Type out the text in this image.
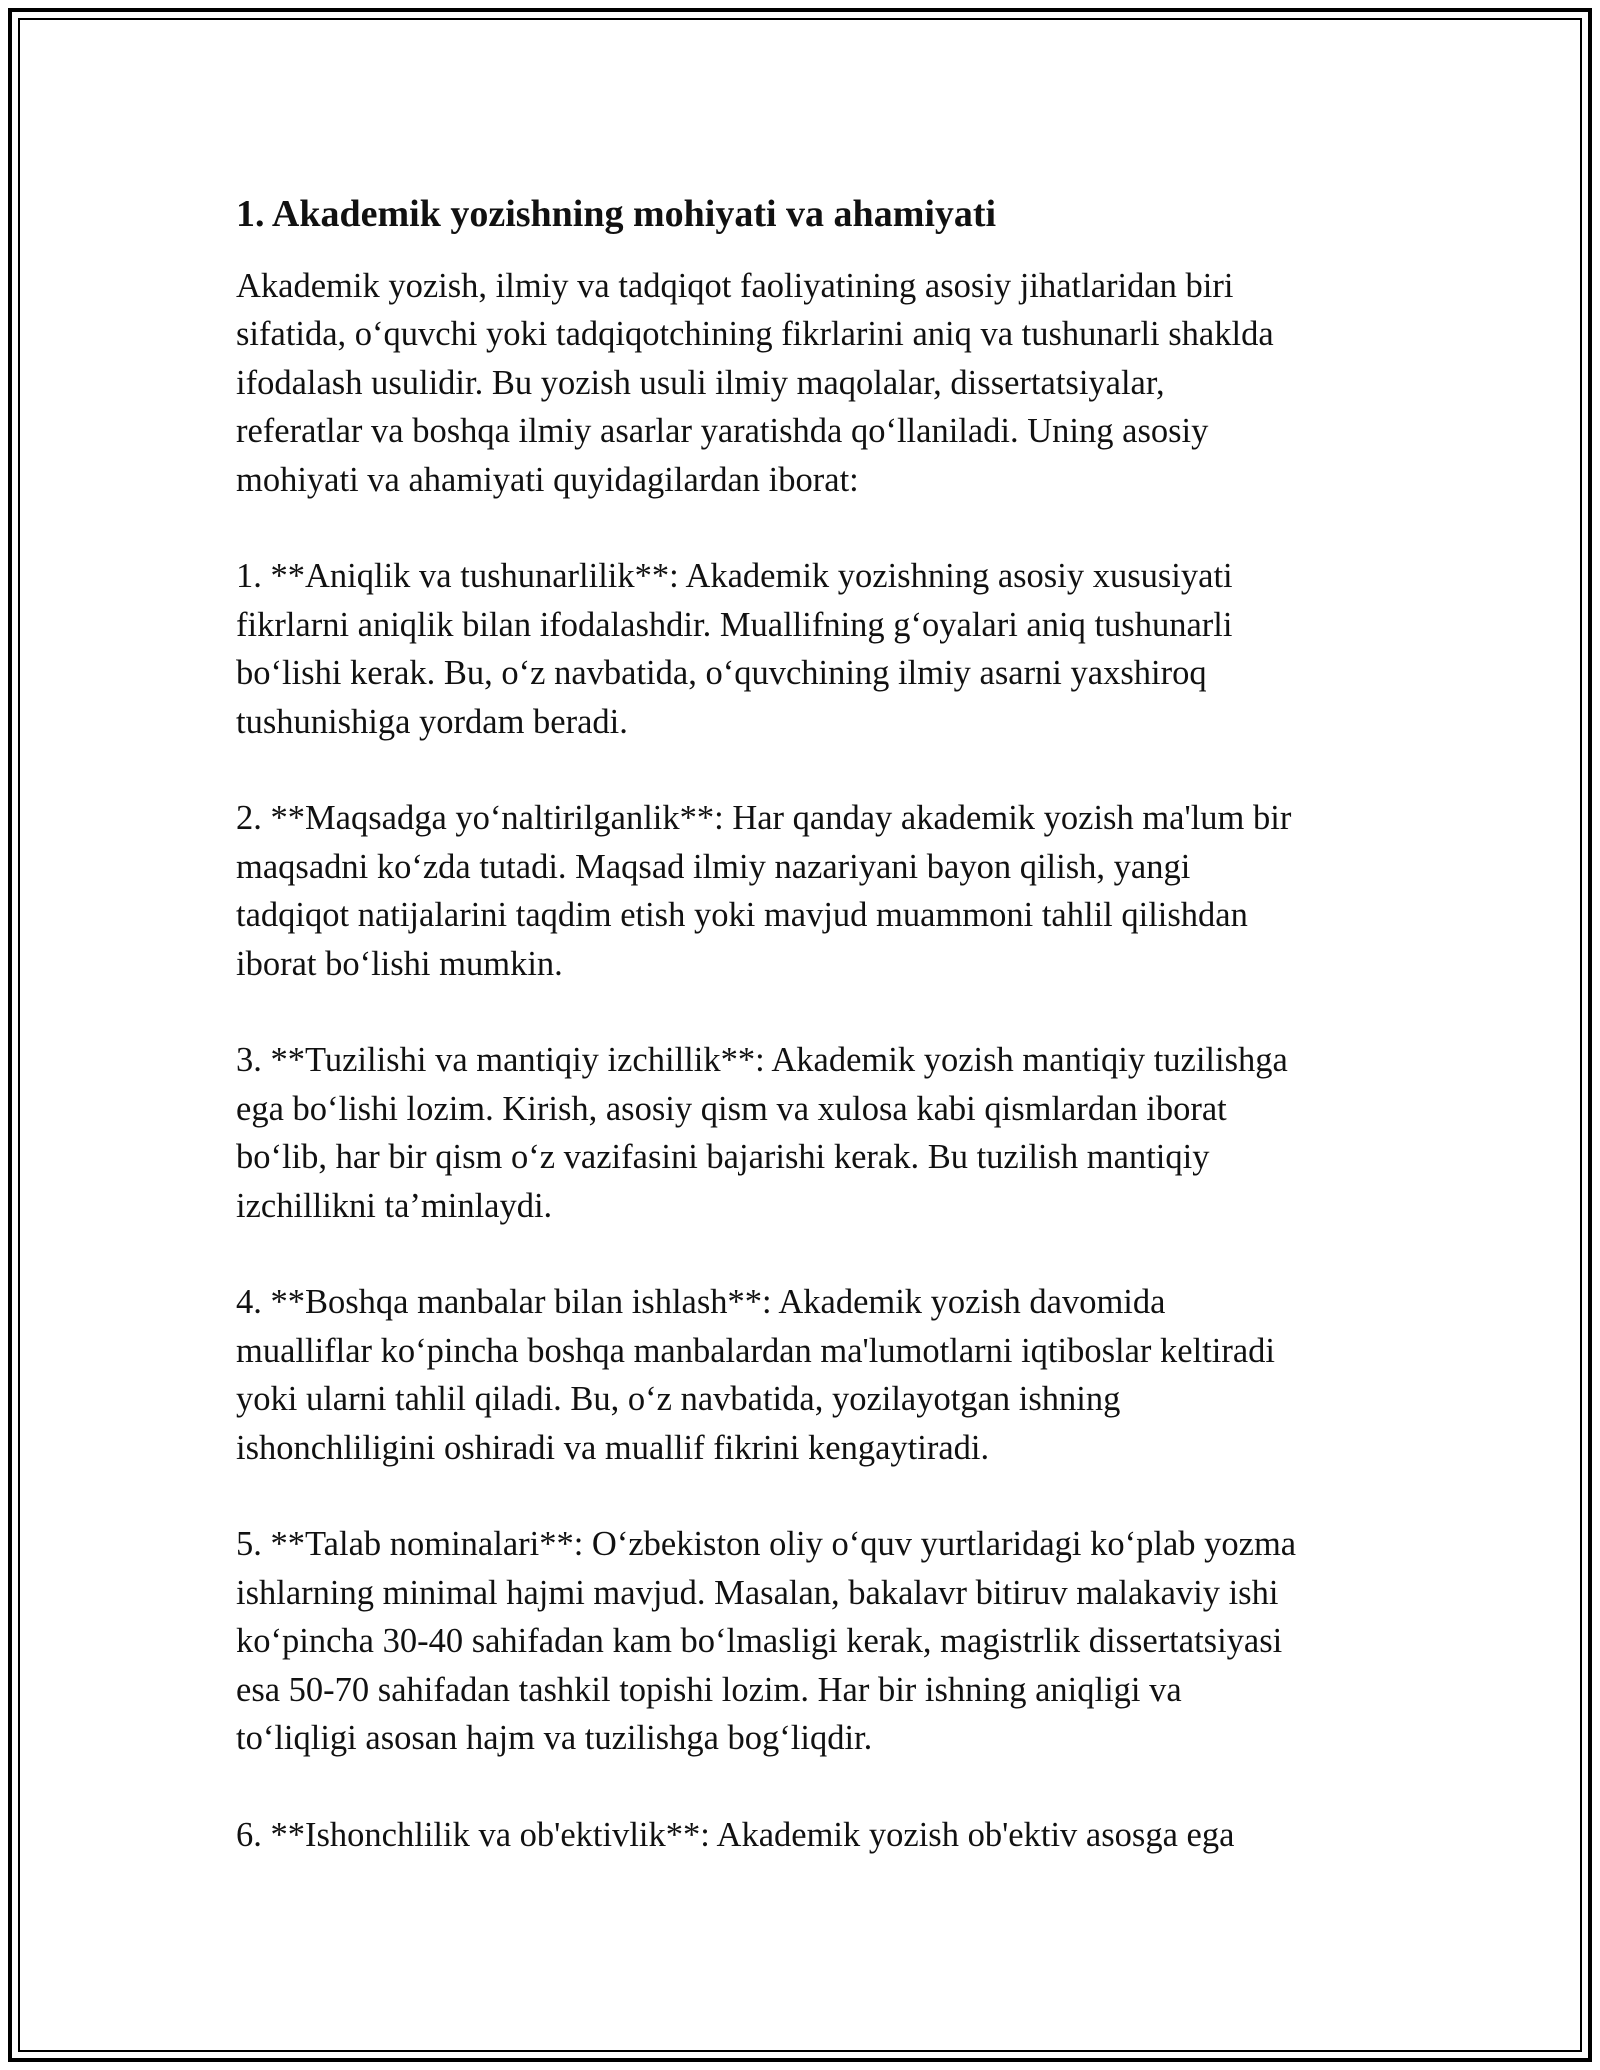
1. Akademik yozishning mohiyati va ahamiyati

Akademik yozish, ilmiy va tadqiqot faoliyatining asosiy jihatlaridan biri
sifatida, o‘quvchi yoki tadqiqotchining fikrlarini aniq va tushunarli shaklda
ifodalash usulidir. Bu yozish usuli ilmiy maqolalar, dissertatsiyalar,
referatlar va boshqa ilmiy asarlar yaratishda qo‘llaniladi. Uning asosiy
mohiyati va ahamiyati quyidagilardan iborat:

1. **Aniqlik va tushunarlilik**: Akademik yozishning asosiy xususiyati
fikrlarni aniqlik bilan ifodalashdir. Muallifning g‘oyalari aniq tushunarli
bo‘lishi kerak. Bu, o‘z navbatida, o‘quvchining ilmiy asarni yaxshiroq
tushunishiga yordam beradi.

2. **Maqsadga yo‘naltirilganlik**: Har qanday akademik yozish ma'lum bir
maqsadni ko‘zda tutadi. Maqsad ilmiy nazariyani bayon qilish, yangi
tadqiqot natijalarini taqdim etish yoki mavjud muammoni tahlil qilishdan
iborat bo‘lishi mumkin.

3. **Tuzilishi va mantiqiy izchillik**: Akademik yozish mantiqiy tuzilishga
ega bo‘lishi lozim. Kirish, asosiy qism va xulosa kabi qismlardan iborat
bo‘lib, har bir qism o‘z vazifasini bajarishi kerak. Bu tuzilish mantiqiy
izchillikni ta’minlaydi.

4. **Boshqa manbalar bilan ishlash**: Akademik yozish davomida
mualliflar ko‘pincha boshqa manbalardan ma'lumotlarni iqtiboslar keltiradi
yoki ularni tahlil qiladi. Bu, o‘z navbatida, yozilayotgan ishning
ishonchliligini oshiradi va muallif fikrini kengaytiradi.

5. **Talab nominalari**: O‘zbekiston oliy o‘quv yurtlaridagi ko‘plab yozma
ishlarning minimal hajmi mavjud. Masalan, bakalavr bitiruv malakaviy ishi
ko‘pincha 30-40 sahifadan kam bo‘lmasligi kerak, magistrlik dissertatsiyasi
esa 50-70 sahifadan tashkil topishi lozim. Har bir ishning aniqligi va
to‘liqligi asosan hajm va tuzilishga bog‘liqdir.

6. **Ishonchlilik va ob'ektivlik**: Akademik yozish ob'ektiv asosga ega
